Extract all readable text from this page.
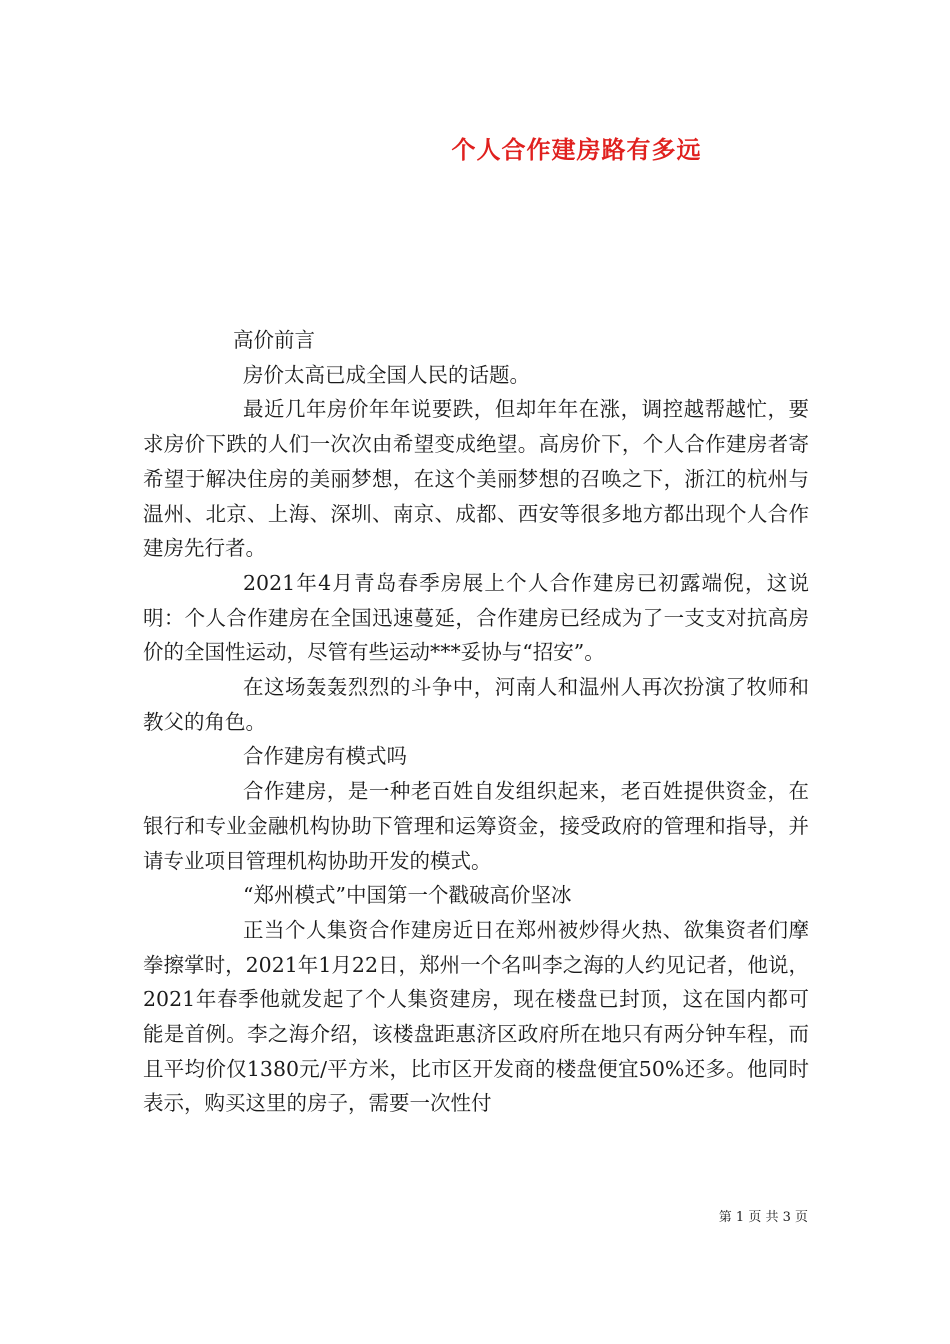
个人合作建房路有多远

高价前言

房价太高已成全国人民的话题。

最近几年房价年年说要跌，但却年年在涨，调控越帮越忙，要求房价下跌的人们一次次由希望变成绝望。高房价下，个人合作建房者寄希望于解决住房的美丽梦想，在这个美丽梦想的召唤之下，浙江的杭州与温州、北京、上海、深圳、南京、成都、西安等很多地方都出现个人合作建房先行者。

2021年4月青岛春季房展上个人合作建房已初露端倪，这说明：个人合作建房在全国迅速蔓延，合作建房已经成为了一支支对抗高房价的全国性运动，尽管有些运动***妥协与“招安”。

在这场轰轰烈烈的斗争中，河南人和温州人再次扮演了牧师和教父的角色。

合作建房有模式吗

合作建房，是一种老百姓自发组织起来，老百姓提供资金，在银行和专业金融机构协助下管理和运筹资金，接受政府的管理和指导，并请专业项目管理机构协助开发的模式。

“郑州模式”中国第一个戳破高价坚冰

正当个人集资合作建房近日在郑州被炒得火热、欲集资者们摩拳擦掌时，2021年1月22日，郑州一个名叫李之海的人约见记者，他说，2021年春季他就发起了个人集资建房，现在楼盘已封顶，这在国内都可能是首例。李之海介绍，该楼盘距惠济区政府所在地只有两分钟车程，而且平均价仅1380元/平方米，比市区开发商的楼盘便宜50%还多。他同时表示，购买这里的房子，需要一次性付

第 1 页 共 3 页
